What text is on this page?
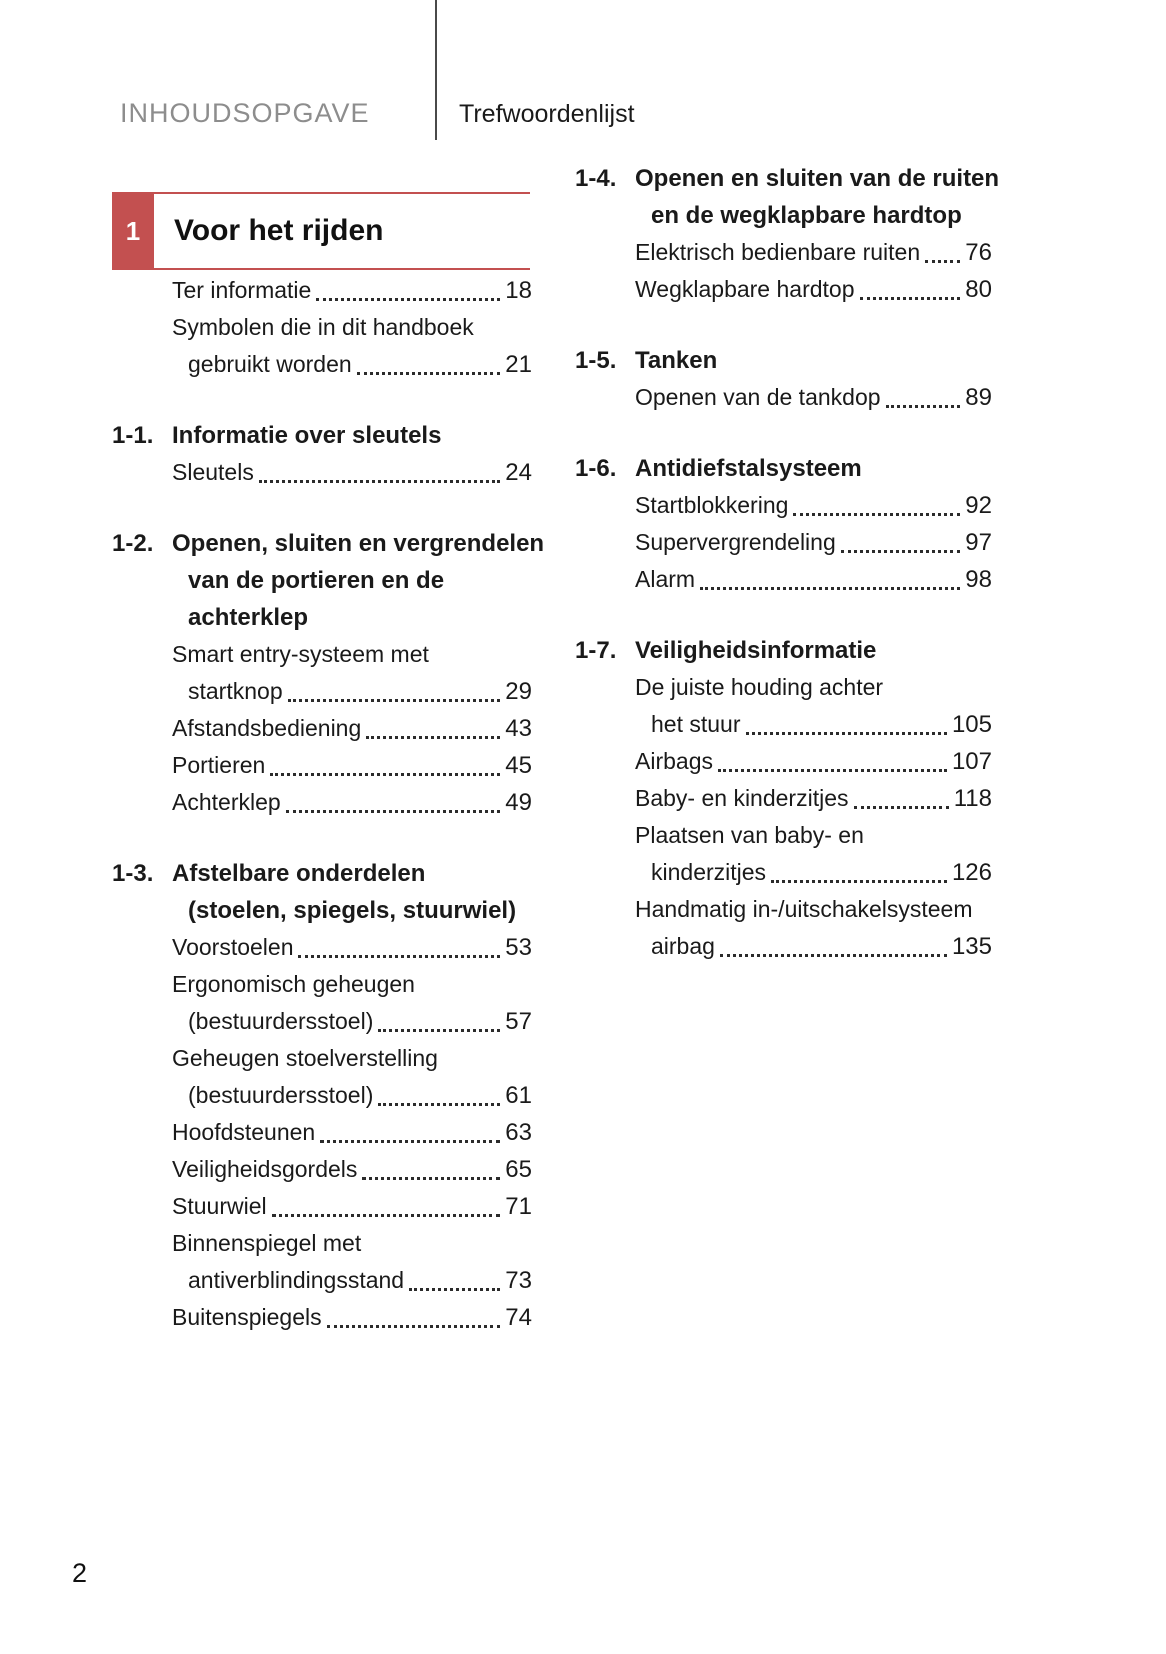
INHOUDSOPGAVE	Trefwoordenlijst
1 Voor het rijden
Ter informatie	18
Symbolen die in dit handboek
gebruikt worden	21
1-1. Informatie over sleutels
Sleutels	24
1-2. Openen, sluiten en vergrendelen
van de portieren en de
achterklep
Smart entry-systeem met
startknop	29
Afstandsbediening	43
Portieren	45
Achterklep	49
1-3. Afstelbare onderdelen
(stoelen, spiegels, stuurwiel)
Voorstoelen	53
Ergonomisch geheugen
(bestuurdersstoel)	57
Geheugen stoelverstelling
(bestuurdersstoel)	61
Hoofdsteunen	63
Veiligheidsgordels	65
Stuurwiel	71
Binnenspiegel met
antiverblindingsstand	73
Buitenspiegels	74
1-4. Openen en sluiten van de ruiten
en de wegklapbare hardtop
Elektrisch bedienbare ruiten 76
Wegklapbare hardtop	80
1-5. Tanken
Openen van de tankdop	89
1-6. Antidiefstalsysteem
Startblokkering	92
Supervergrendeling	97
Alarm	98
1-7. Veiligheidsinformatie
De juiste houding achter
het stuur	105
Airbags	107
Baby- en kinderzitjes	118
Plaatsen van baby- en
kinderzitjes	126
Handmatig in-/uitschakelsysteem
airbag	135
2
